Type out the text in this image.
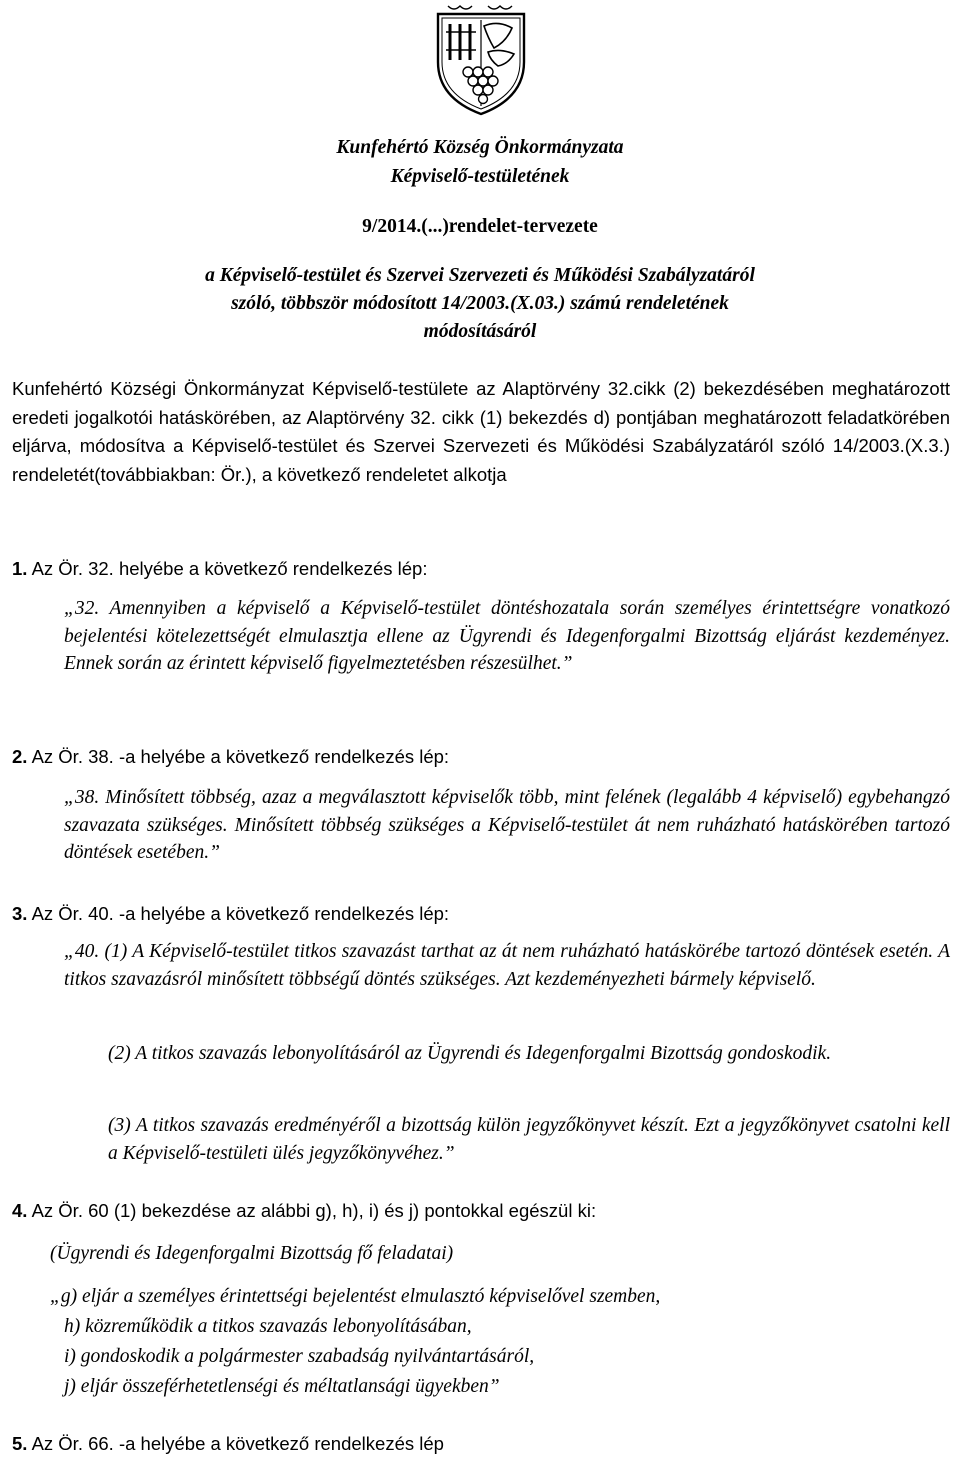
Kunfehértó Község Önkormányzata
Képviselő-testületének
9/2014.(...)rendelet-tervezete
a Képviselő-testület és Szervei Szervezeti és Működési Szabályzatáról
szóló, többször módosított 14/2003.(X.03.) számú rendeletének
módosításáról
Kunfehértó Községi Önkormányzat Képviselő-testülete az Alaptörvény 32.cikk (2) bekezdésében meghatározott eredeti jogalkotói hatáskörében, az Alaptörvény 32. cikk (1) bekezdés d) pontjában meghatározott feladatkörében eljárva, módosítva a Képviselő-testület és Szervei Szervezeti és Működési Szabályzatáról szóló 14/2003.(X.3.) rendeletét(továbbiakban: Ör.), a következő rendeletet alkotja
1. Az Ör. 32. helyébe a következő rendelkezés lép:
„32. Amennyiben a képviselő a Képviselő-testület döntéshozatala során személyes érintettségre vonatkozó bejelentési kötelezettségét elmulasztja ellene az Ügyrendi és Idegenforgalmi Bizottság eljárást kezdeményez. Ennek során az érintett képviselő figyelmeztetésben részesülhet.”
2. Az Ör. 38. -a helyébe a következő rendelkezés lép:
„38. Minősített többség, azaz a megválasztott képviselők több, mint felének (legalább 4 képviselő) egybehangzó szavazata szükséges. Minősített többség szükséges a Képviselő-testület át nem ruházható hatáskörében tartozó döntések esetében.”
3. Az Ör. 40. -a helyébe a következő rendelkezés lép:
„40. (1) A Képviselő-testület titkos szavazást tarthat az át nem ruházható hatáskörébe tartozó döntések esetén. A titkos szavazásról minősített többségű döntés szükséges. Azt kezdeményezheti bármely képviselő.
(2) A titkos szavazás lebonyolításáról az Ügyrendi és Idegenforgalmi Bizottság gondoskodik.
(3) A titkos szavazás eredményéről a bizottság külön jegyzőkönyvet készít. Ezt a jegyzőkönyvet csatolni kell a Képviselő-testületi ülés jegyzőkönyvéhez.”
4. Az Ör. 60 (1) bekezdése az alábbi g), h), i) és j) pontokkal egészül ki:
(Ügyrendi és Idegenforgalmi Bizottság fő feladatai)
„g) eljár a személyes érintettségi bejelentést elmulasztó képviselővel szemben,
h) közreműködik a titkos szavazás lebonyolításában,
i) gondoskodik a polgármester szabadság nyilvántartásáról,
j) eljár összeférhetetlenségi és méltatlansági ügyekben”
5. Az Ör. 66. -a helyébe a következő rendelkezés lép
